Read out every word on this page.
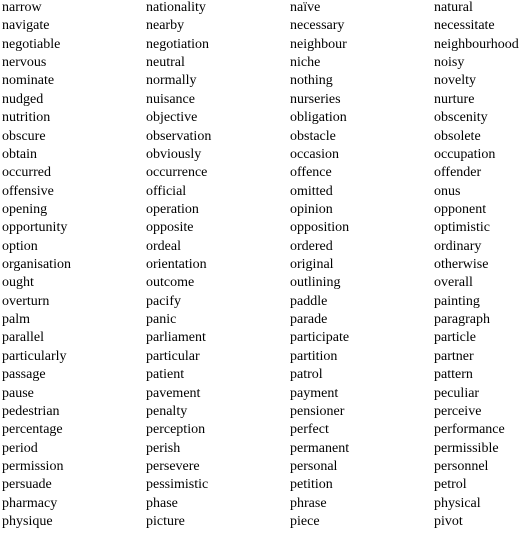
narrow	nationality	naïve	natural
navigate	nearby	necessary	necessitate
negotiable	negotiation	neighbour	neighbourhood
nervous	neutral	niche	noisy
nominate	normally	nothing	novelty
nudged	nuisance	nurseries	nurture
nutrition	objective	obligation	obscenity
obscure	observation	obstacle	obsolete
obtain	obviously	occasion	occupation
occurred	occurrence	offence	offender
offensive	official	omitted	onus
opening	operation	opinion	opponent
opportunity	opposite	opposition	optimistic
option	ordeal	ordered	ordinary
organisation	orientation	original	otherwise
ought	outcome	outlining	overall
overturn	pacify	paddle	painting
palm	panic	parade	paragraph
parallel	parliament	participate	particle
particularly	particular	partition	partner
passage	patient	patrol	pattern
pause	pavement	payment	peculiar
pedestrian	penalty	pensioner	perceive
percentage	perception	perfect	performance
period	perish	permanent	permissible
permission	persevere	personal	personnel
persuade	pessimistic	petition	petrol
pharmacy	phase	phrase	physical
physique	picture	piece	pivot
